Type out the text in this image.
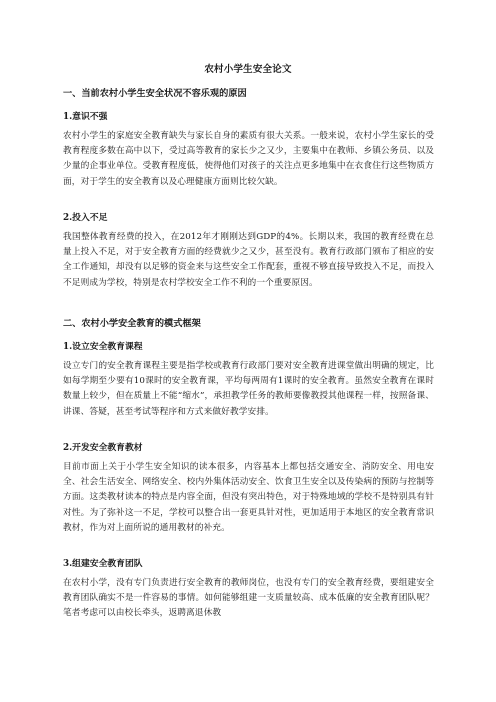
农村小学生安全论文
一、当前农村小学生安全状况不容乐观的原因
1.意识不强
农村小学生的家庭安全教育缺失与家长自身的素质有很大关系。一般来说，农村小学生家长的受教育程度多数在高中以下，受过高等教育的家长少之又少，主要集中在教师、乡镇公务员、以及少量的企事业单位。受教育程度低，使得他们对孩子的关注点更多地集中在衣食住行这些物质方面，对于学生的安全教育以及心理健康方面则比较欠缺。
2.投入不足
我国整体教育经费的投入，在2012年才刚刚达到GDP的4%。长期以来，我国的教育经费在总量上投入不足，对于安全教育方面的经费就少之又少，甚至没有。教育行政部门颁布了相应的安全工作通知，却没有以足够的资金来与这些安全工作配套，重视不够直接导致投入不足，而投入不足则成为学校，特别是农村学校安全工作不利的一个重要原因。
二、农村小学安全教育的模式框架
1.设立安全教育课程
设立专门的安全教育课程主要是指学校或教育行政部门要对安全教育进课堂做出明确的规定，比如每学期至少要有10课时的安全教育课，平均每两周有1课时的安全教育。虽然安全教育在课时数量上较少，但在质量上不能“缩水”，承担教学任务的教师要像教授其他课程一样，按照备课、讲课、答疑，甚至考试等程序和方式来做好教学安排。
2.开发安全教育教材
目前市面上关于小学生安全知识的读本很多，内容基本上都包括交通安全、消防安全、用电安全、社会生活安全、网络安全、校内外集体活动安全、饮食卫生安全以及传染病的预防与控制等方面。这类教材读本的特点是内容全面，但没有突出特色，对于特殊地域的学校不是特别具有针对性。为了弥补这一不足，学校可以整合出一套更具针对性，更加适用于本地区的安全教育常识教材，作为对上面所说的通用教材的补充。
3.组建安全教育团队
在农村小学，没有专门负责进行安全教育的教师岗位，也没有专门的安全教育经费，要组建安全教育团队确实不是一件容易的事情。如何能够组建一支质量较高、成本低廉的安全教育团队呢？笔者考虑可以由校长牵头，返聘离退休教
